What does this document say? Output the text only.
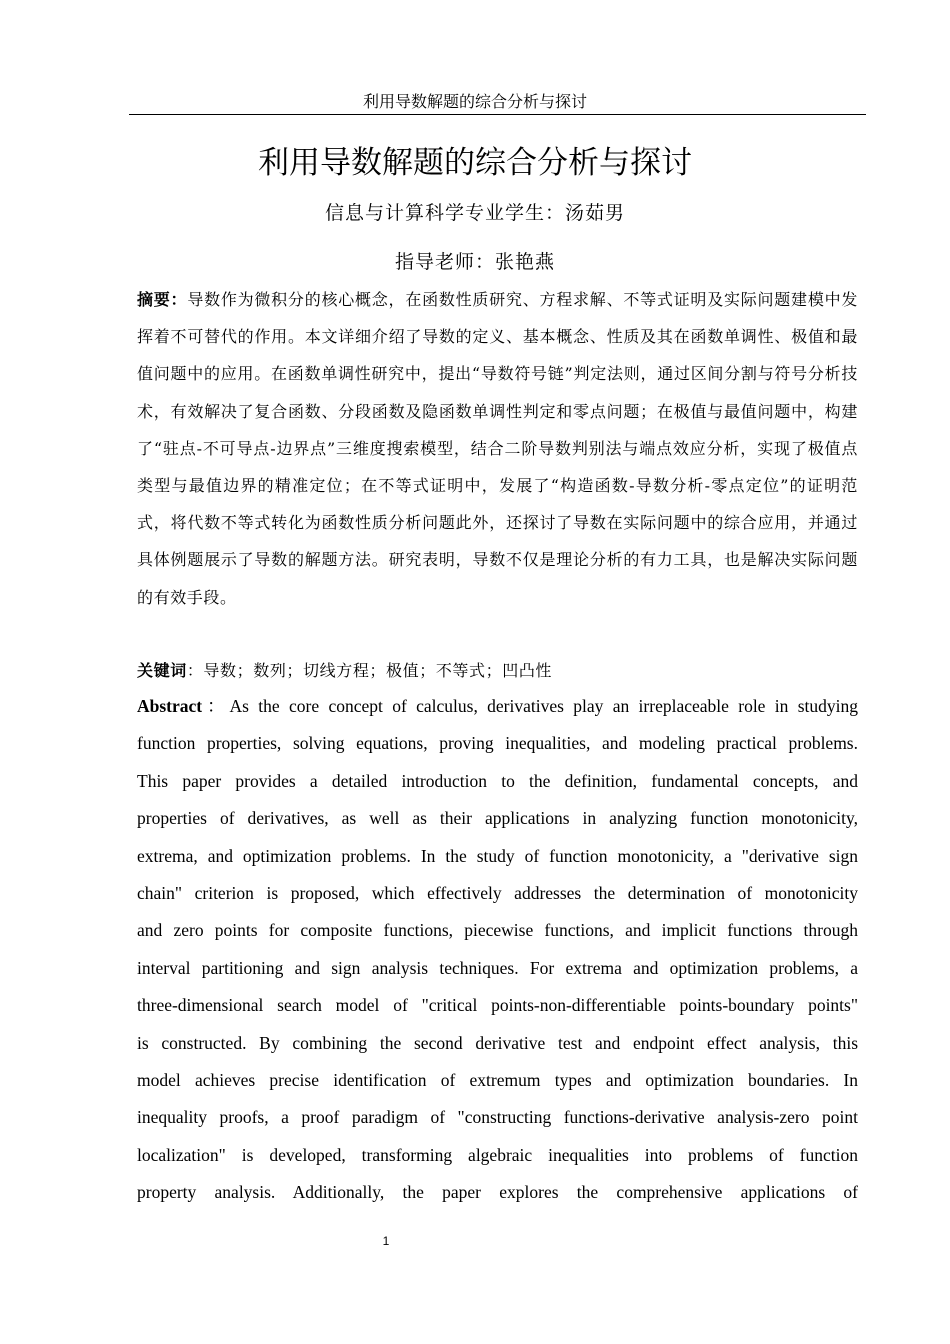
利用导数解题的综合分析与探讨
利用导数解题的综合分析与探讨
信息与计算科学专业学生：汤茹男
指导老师：张艳燕
摘要：导数作为微积分的核心概念，在函数性质研究、方程求解、不等式证明及实际问题建模中发挥着不可替代的作用。本文详细介绍了导数的定义、基本概念、性质及其在函数单调性、极值和最值问题中的应用。在函数单调性研究中，提出“导数符号链”判定法则，通过区间分割与符号分析技术，有效解决了复合函数、分段函数及隐函数单调性判定和零点问题；在极值与最值问题中，构建了“驻点-不可导点-边界点”三维度搜索模型，结合二阶导数判别法与端点效应分析，实现了极值点类型与最值边界的精准定位；在不等式证明中，发展了“构造函数-导数分析-零点定位”的证明范式，将代数不等式转化为函数性质分析问题此外，还探讨了导数在实际问题中的综合应用，并通过具体例题展示了导数的解题方法。研究表明，导数不仅是理论分析的有力工具，也是解决实际问题的有效手段。
关键词：导数；数列；切线方程；极值；不等式；凹凸性
Abstract：As the core concept of calculus, derivatives play an irreplaceable role in studying
function properties, solving equations, proving inequalities, and modeling practical problems.
This paper provides a detailed introduction to the definition, fundamental concepts, and
properties of derivatives, as well as their applications in analyzing function monotonicity,
extrema, and optimization problems. In the study of function monotonicity, a "derivative sign
chain" criterion is proposed, which effectively addresses the determination of monotonicity
and zero points for composite functions, piecewise functions, and implicit functions through
interval partitioning and sign analysis techniques. For extrema and optimization problems, a
three-dimensional search model of "critical points-non-differentiable points-boundary points"
is constructed. By combining the second derivative test and endpoint effect analysis, this
model achieves precise identification of extremum types and optimization boundaries. In
inequality proofs, a proof paradigm of "constructing functions-derivative analysis-zero point
localization" is developed, transforming algebraic inequalities into problems of function
property analysis. Additionally, the paper explores the comprehensive applications of
1
